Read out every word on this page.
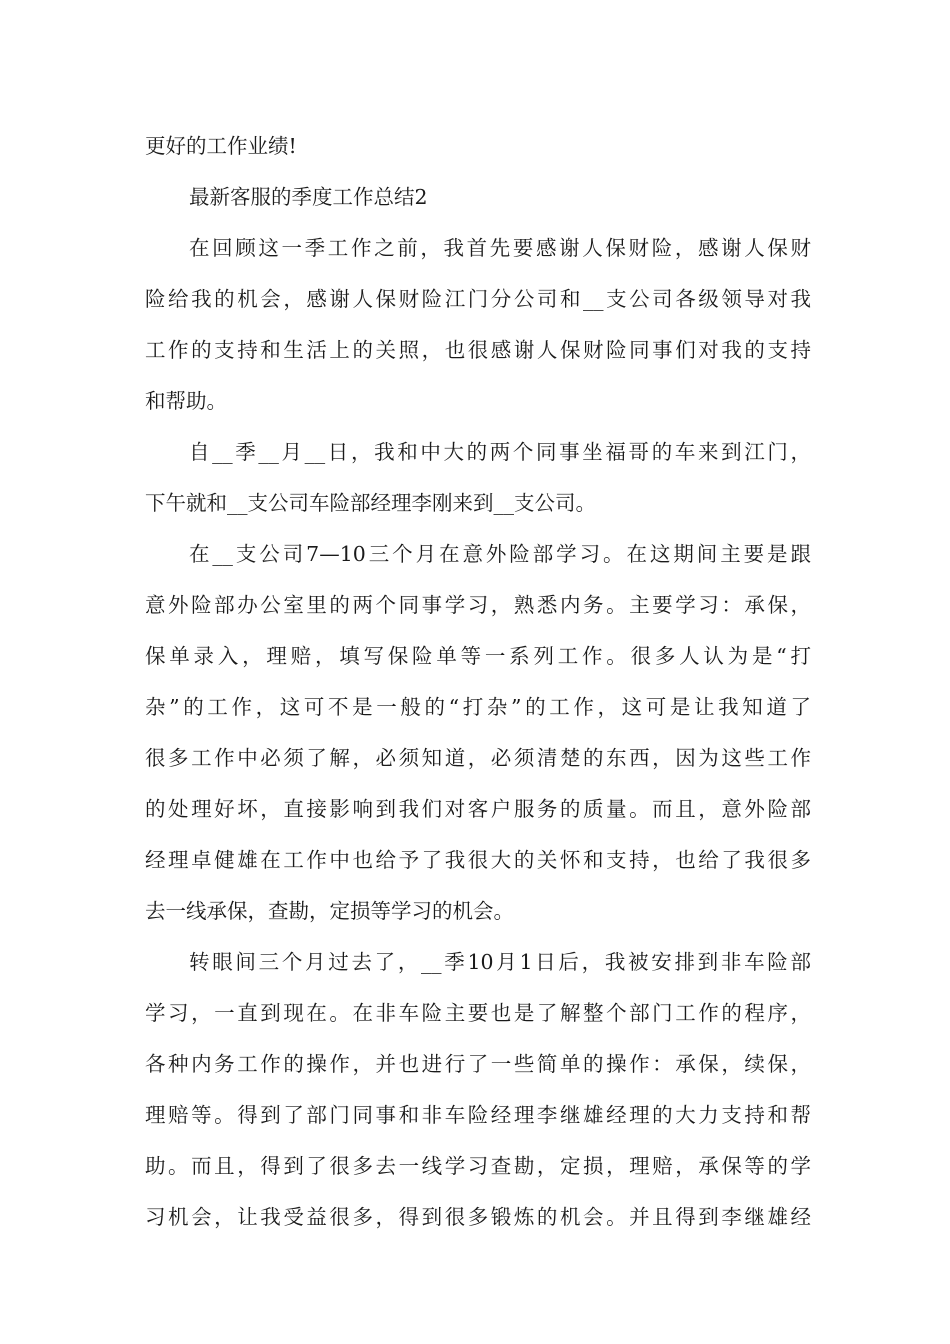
更好的工作业绩!
最新客服的季度工作总结2
在回顾这一季工作之前，我首先要感谢人保财险，感谢人保财
险给我的机会，感谢人保财险江门分公司和__支公司各级领导对我
工作的支持和生活上的关照，也很感谢人保财险同事们对我的支持
和帮助。
自__季__月__日，我和中大的两个同事坐福哥的车来到江门，
下午就和__支公司车险部经理李刚来到__支公司。
在__支公司7—10三个月在意外险部学习。在这期间主要是跟
意外险部办公室里的两个同事学习，熟悉内务。主要学习：承保，
保单录入，理赔，填写保险单等一系列工作。很多人认为是“打
杂”的工作，这可不是一般的“打杂”的工作，这可是让我知道了
很多工作中必须了解，必须知道，必须清楚的东西，因为这些工作
的处理好坏，直接影响到我们对客户服务的质量。而且，意外险部
经理卓健雄在工作中也给予了我很大的关怀和支持，也给了我很多
去一线承保，查勘，定损等学习的机会。
转眼间三个月过去了，__季10月1日后，我被安排到非车险部
学习，一直到现在。在非车险主要也是了解整个部门工作的程序，
各种内务工作的操作，并也进行了一些简单的操作：承保，续保，
理赔等。得到了部门同事和非车险经理李继雄经理的大力支持和帮
助。而且，得到了很多去一线学习查勘，定损，理赔，承保等的学
习机会，让我受益很多，得到很多锻炼的机会。并且得到李继雄经
